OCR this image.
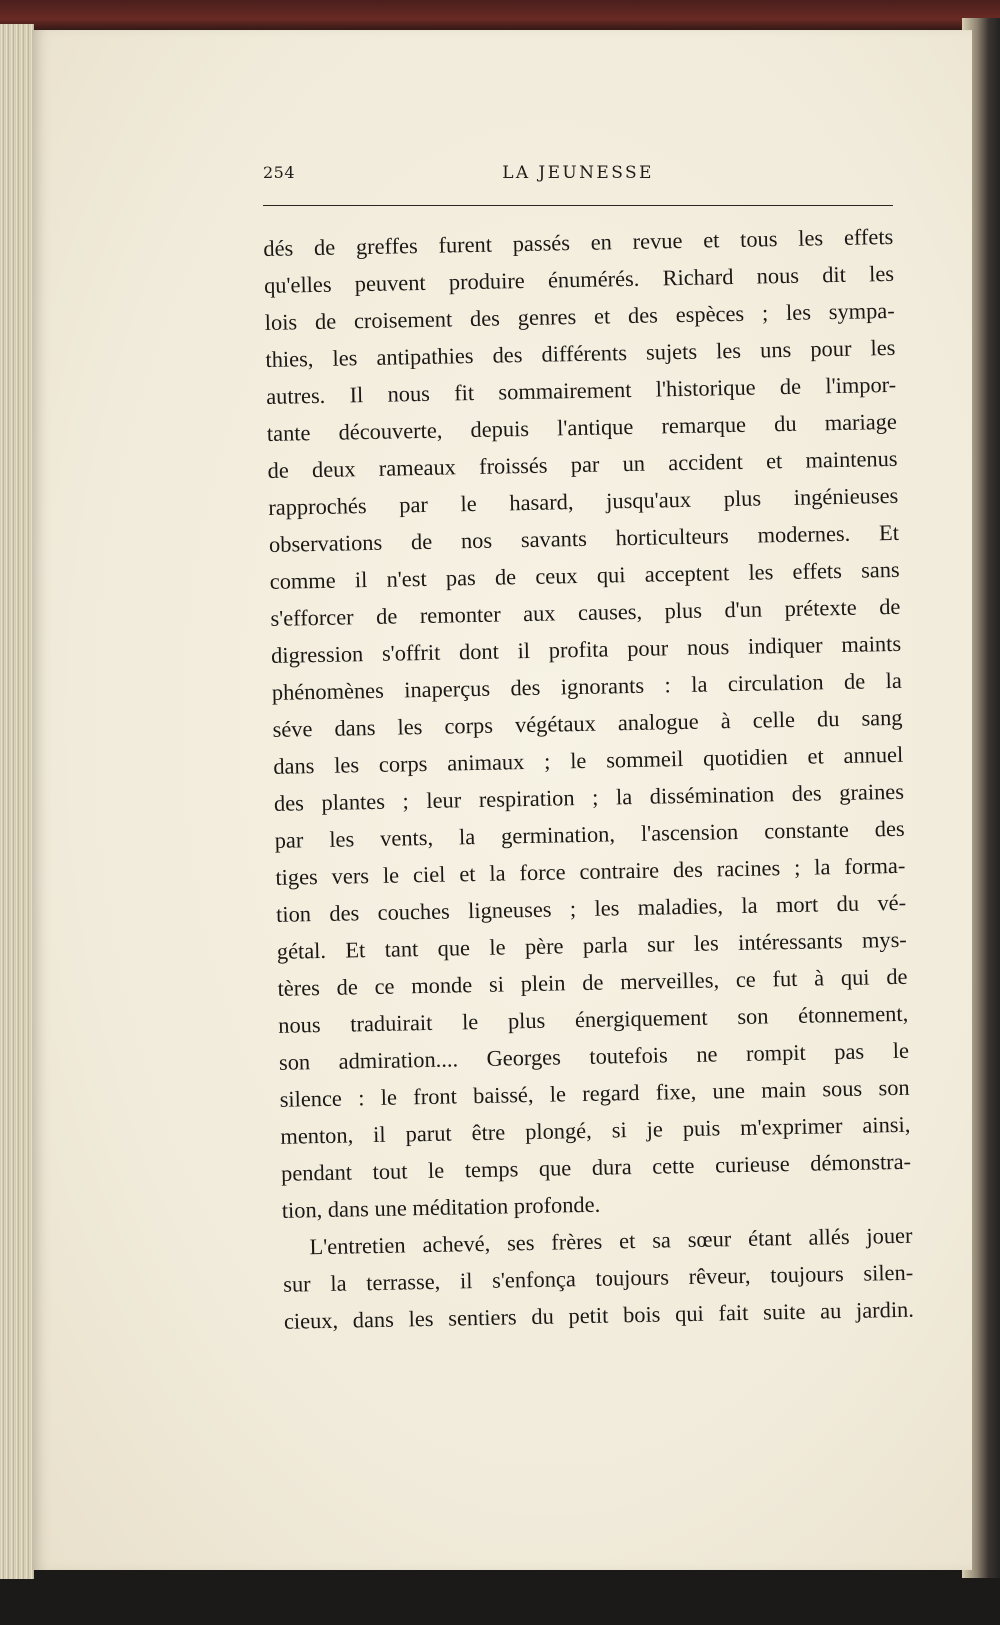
254	LA JEUNESSE
dés de greffes furent passés en revue et tous les effets
qu'elles peuvent produire énumérés. Richard nous dit les
lois de croisement des genres et des espèces ; les sympa-
thies, les antipathies des différents sujets les uns pour les
autres. Il nous fit sommairement l'historique de l'impor-
tante découverte, depuis l'antique remarque du mariage
de deux rameaux froissés par un accident et maintenus
rapprochés par le hasard, jusqu'aux plus ingénieuses
observations de nos savants horticulteurs modernes. Et
comme il n'est pas de ceux qui acceptent les effets sans
s'efforcer de remonter aux causes, plus d'un prétexte de
digression s'offrit dont il profita pour nous indiquer maints
phénomènes inaperçus des ignorants : la circulation de la
séve dans les corps végétaux analogue à celle du sang
dans les corps animaux ; le sommeil quotidien et annuel
des plantes ; leur respiration ; la dissémination des graines
par les vents, la germination, l'ascension constante des
tiges vers le ciel et la force contraire des racines ; la forma-
tion des couches ligneuses ; les maladies, la mort du vé-
gétal. Et tant que le père parla sur les intéressants mys-
tères de ce monde si plein de merveilles, ce fut à qui de
nous traduirait le plus énergiquement son étonnement,
son admiration.... Georges toutefois ne rompit pas le
silence : le front baissé, le regard fixe, une main sous son
menton, il parut être plongé, si je puis m'exprimer ainsi,
pendant tout le temps que dura cette curieuse démonstra-
tion, dans une méditation profonde.
L'entretien achevé, ses frères et sa sœur étant allés jouer
sur la terrasse, il s'enfonça toujours rêveur, toujours silen-
cieux, dans les sentiers du petit bois qui fait suite au jardin.
